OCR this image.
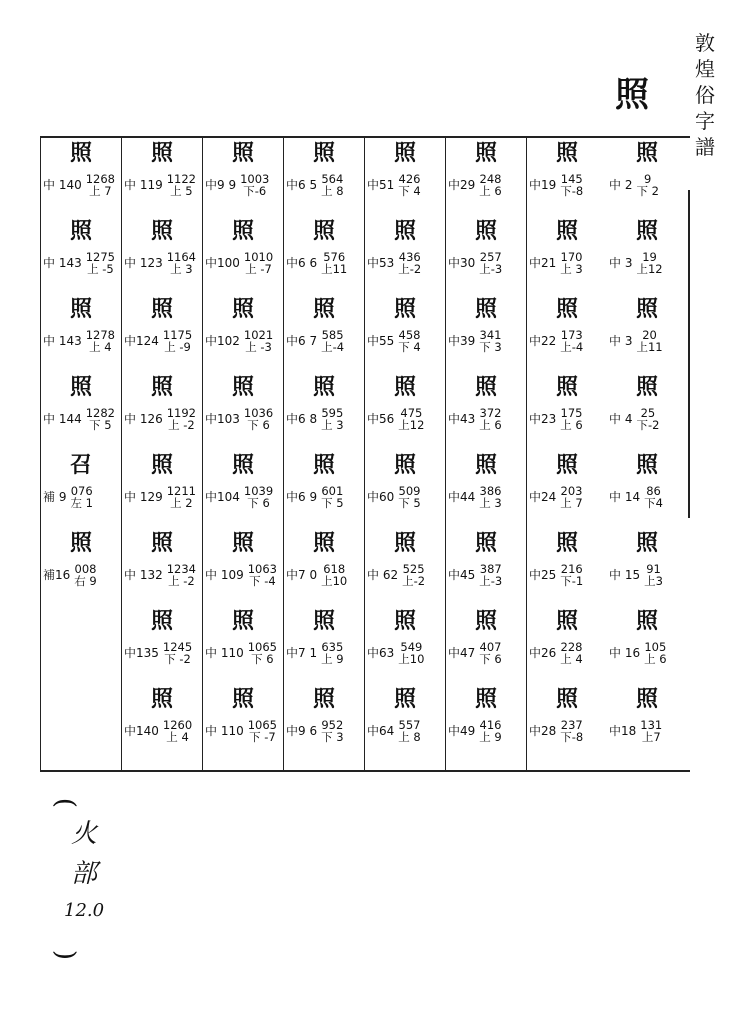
敦
煌
俗
字
譜
照
照
中 2 9
下 2
照
中 3 19
上12
照
中 3 20
上11
照
中 4 25
下-2
照
中 14 86
下4
照
中 15 91
上3
照
中 16 105
上 6
照
中18 131
上7
照
中19 145
下-8
照
中21 170
上 3
照
中22 173
上-4
照
中23 175
上 6
照
中24 203
上 7
照
中25 216
下-1
照
中26 228
上 4
照
中28 237
下-8
照
中29 248
上 6
照
中30 257
上-3
照
中39 341
下 3
照
中43 372
上 6
照
中44 386
上 3
照
中45 387
上-3
照
中47 407
下 6
照
中49 416
上 9
照
中51 426
下 4
照
中53 436
上-2
照
中55 458
下 4
照
中56 475
上12
照
中60 509
下 5
照
中 62 525
上-2
照
中63 549
上10
照
中64 557
上 8
照
中6 5 564
上 8
照
中6 6 576
上11
照
中6 7 585
上-4
照
中6 8 595
上 3
照
中6 9 601
下 5
照
中7 0 618
上10
照
中7 1 635
上 9
照
中9 6 952
下 3
照
中9 9 1003
下-6
照
中100 1010
上 -7
照
中102 1021
上 -3
照
中103 1036
下 6
照
中104 1039
下 6
照
中 109 1063
下 -4
照
中 110 1065
下 6
照
中 110 1065
下 -7
照
中 119 1122
上 5
照
中 123 1164
上 3
照
中124 1175
上 -9
照
中 126 1192
上 -2
照
中 129 1211
上 2
照
中 132 1234
上 -2
照
中135 1245
下 -2
照
中140 1260
上 4
照
中 140 1268
上 7
照
中 143 1275
上 -5
照
中 143 1278
上 4
照
中 144 1282
下 5
召
補 9 076
左 1
照
補16 008
右 9
(
火
部
12.0
)
